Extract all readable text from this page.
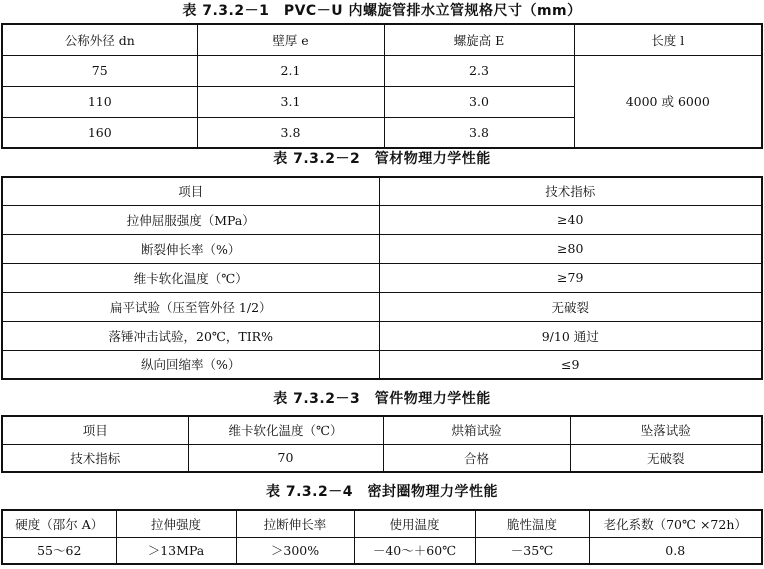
表 7.3.2－1　PVC－U 内螺旋管排水立管规格尺寸（mm）
公称外径 dn	壁厚 e	螺旋高 E	长度 l
75	2.1	2.3	4000 或 6000
110	3.1	3.0	
160	3.8	3.8	
表 7.3.2－2　管材物理力学性能
项目	技术指标
拉伸屈服强度（MPa）	≥40
断裂伸长率（%）	≥80
维卡软化温度（℃）	≥79
扁平试验（压至管外径 1/2）	无破裂
落锤冲击试验，20℃，TIR%	9/10 通过
纵向回缩率（%）	≤9
表 7.3.2－3　管件物理力学性能
项目	维卡软化温度（℃）	烘箱试验	坠落试验
技术指标	70	合格	无破裂
表 7.3.2－4　密封圈物理力学性能
硬度（邵尔 A）	拉伸强度	拉断伸长率	使用温度	脆性温度	老化系数（70℃ ×72h）
55～62	＞13MPa	＞300%	－40～＋60℃	－35℃	0.8
